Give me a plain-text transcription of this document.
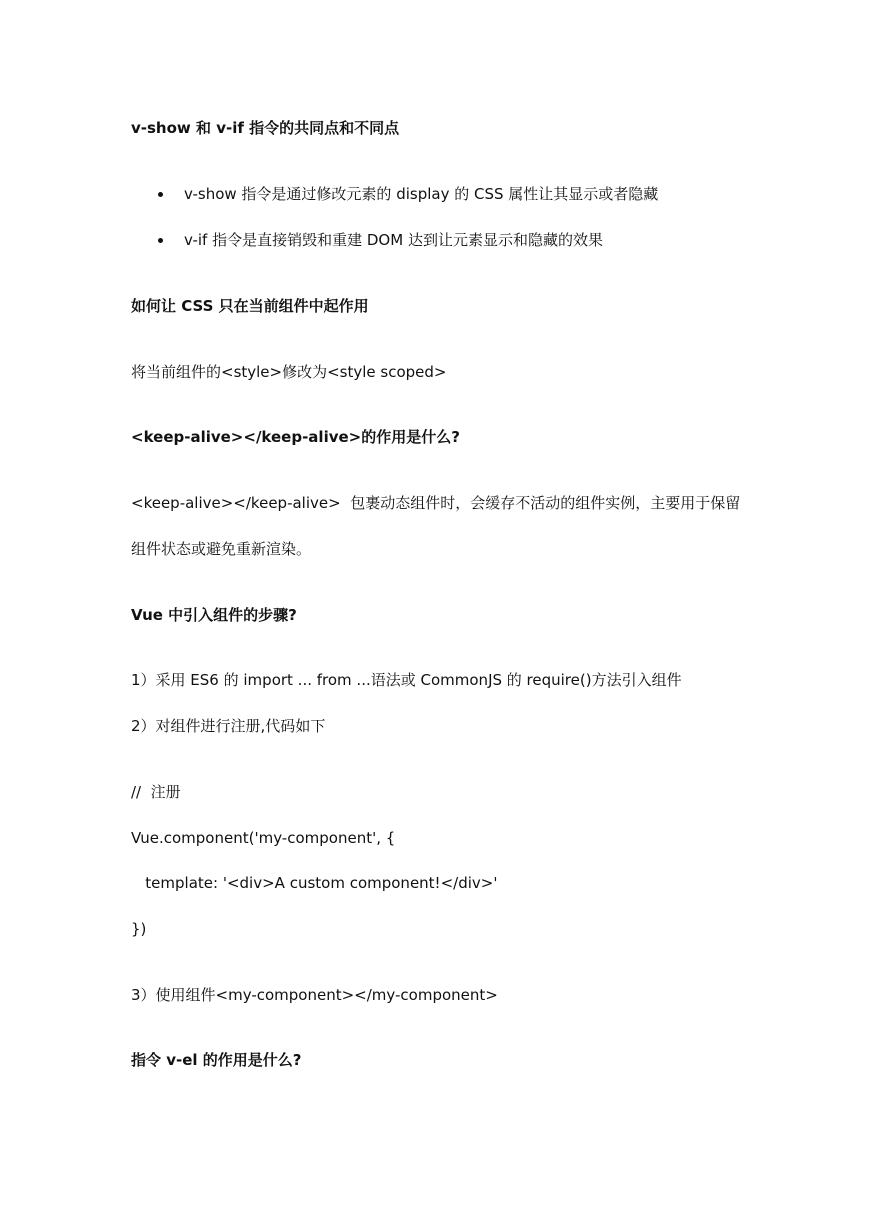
v-show 和 v-if 指令的共同点和不同点

v-show 指令是通过修改元素的 display 的 CSS 属性让其显示或者隐藏

v-if 指令是直接销毁和重建 DOM 达到让元素显示和隐藏的效果

如何让 CSS 只在当前组件中起作用
将当前组件的<style>修改为<style scoped>
<keep-alive></keep-alive>的作用是什么?
<keep-alive></keep-alive>  包裹动态组件时，会缓存不活动的组件实例，主要用于保留
组件状态或避免重新渲染。
Vue 中引入组件的步骤?
1）采用 ES6 的 import ... from ...语法或 CommonJS 的 require()方法引入组件
2）对组件进行注册,代码如下
//  注册
Vue.component('my-component', {
template: '<div>A custom component!</div>'
})
3）使用组件<my-component></my-component>
指令 v-el 的作用是什么?
